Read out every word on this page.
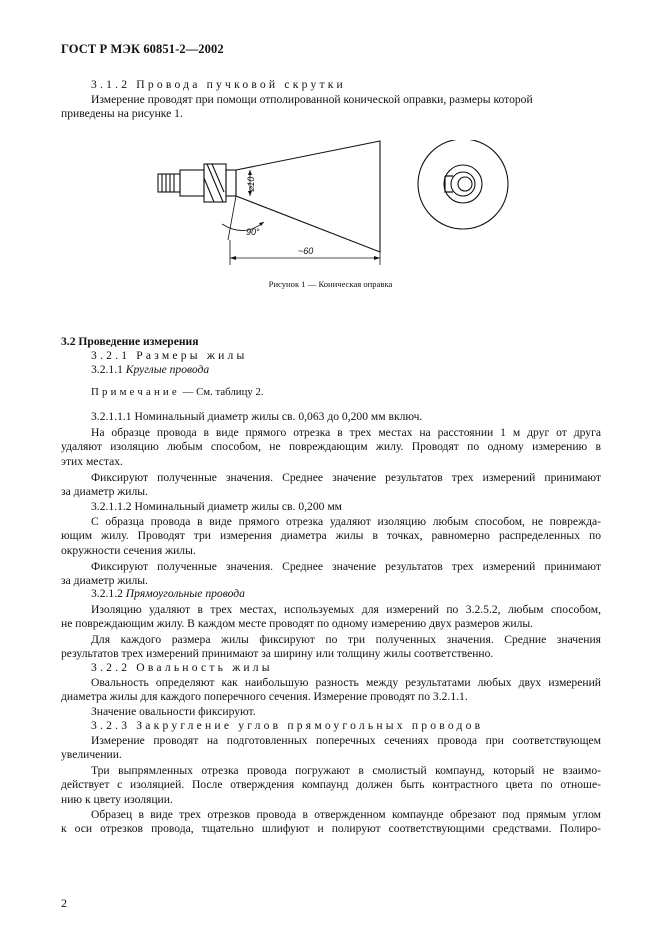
ГОСТ Р МЭК 60851-2—2002
3.1.2 Провода пучковой скрутки
Измерение проводят при помощи отполированной конической оправки, размеры которой
приведены на рисунке 1.
⌀10
90°
~60
Рисунок 1 — Коническая оправка
3.2 Проведение измерения
3.2.1 Размеры жилы
3.2.1.1 Круглые провода
Примечание — См. таблицу 2.
3.2.1.1.1 Номинальный диаметр жилы св. 0,063 до 0,200 мм включ.
На образце провода в виде прямого отрезка в трех местах на расстоянии 1 м друг от друга
удаляют изоляцию любым способом, не повреждающим жилу. Проводят по одному измерению в
этих местах.
Фиксируют полученные значения. Среднее значение результатов трех измерений принимают
за диаметр жилы.
3.2.1.1.2 Номинальный диаметр жилы св. 0,200 мм
С образца провода в виде прямого отрезка удаляют изоляцию любым способом, не поврежда-
ющим жилу. Проводят три измерения диаметра жилы в точках, равномерно распределенных по
окружности сечения жилы.
Фиксируют полученные значения. Среднее значение результатов трех измерений принимают
за диаметр жилы.
3.2.1.2 Прямоугольные провода
Изоляцию удаляют в трех местах, используемых для измерений по 3.2.5.2, любым способом,
не повреждающим жилу. В каждом месте проводят по одному измерению двух размеров жилы.
Для каждого размера жилы фиксируют по три полученных значения. Средние значения
результатов трех измерений принимают за ширину или толщину жилы соответственно.
3.2.2 Овальность жилы
Овальность определяют как наибольшую разность между результатами любых двух измерений
диаметра жилы для каждого поперечного сечения. Измерение проводят по 3.2.1.1.
Значение овальности фиксируют.
3.2.3 Закругление углов прямоугольных проводов
Измерение проводят на подготовленных поперечных сечениях провода при соответствующем
увеличении.
Три выпрямленных отрезка провода погружают в смолистый компаунд, который не взаимо-
действует с изоляцией. После отверждения компаунд должен быть контрастного цвета по отноше-
нию к цвету изоляции.
Образец в виде трех отрезков провода в отвержденном компаунде обрезают под прямым углом
к оси отрезков провода, тщательно шлифуют и полируют соответствующими средствами. Полиро-
2
